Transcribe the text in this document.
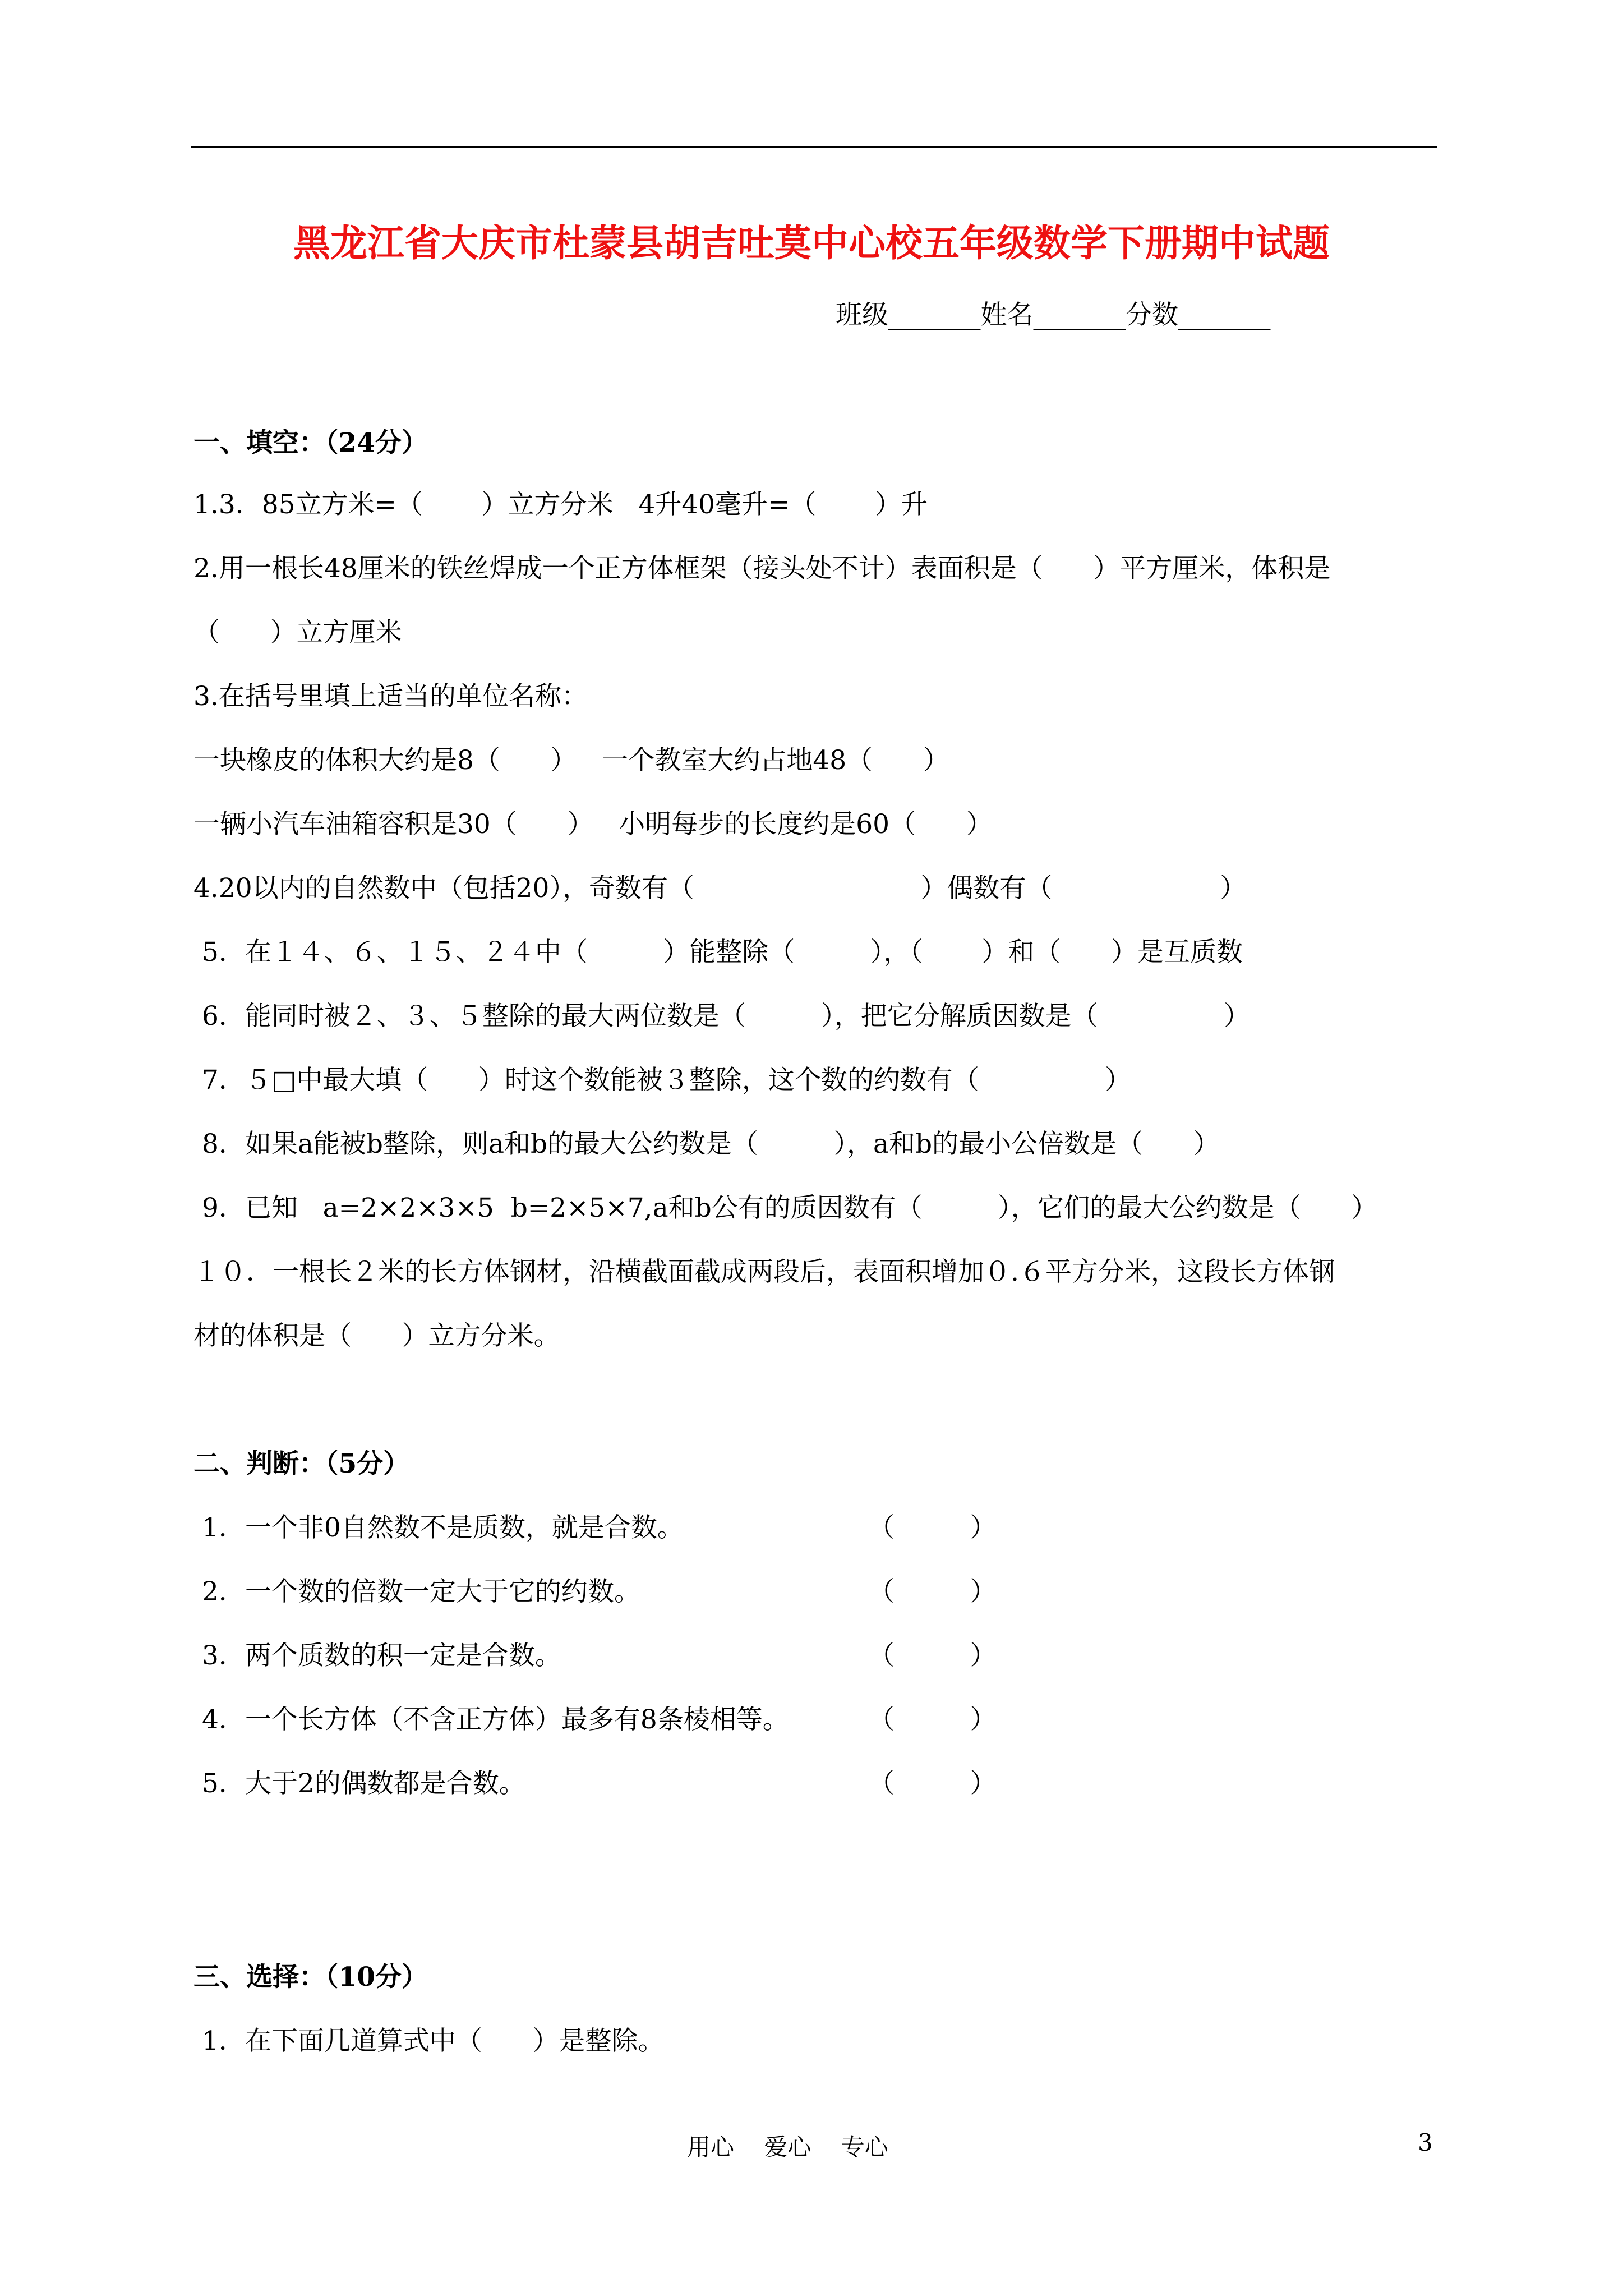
黑龙江省大庆市杜蒙县胡吉吐莫中心校五年级数学下册期中试题
班级_______姓名_______分数_______
一、填空：（24分）
1.3．85立方米=（       ）立方分米   4升40毫升=（       ）升
2.用一根长48厘米的铁丝焊成一个正方体框架（接头处不计）表面积是（      ）平方厘米，体积是
（      ）立方厘米
3.在括号里填上适当的单位名称：
一块橡皮的体积大约是8（      ）   一个教室大约占地48（      ）
一辆小汽车油箱容积是30（      ）   小明每步的长度约是60（      ）
4.20以内的自然数中（包括20），奇数有（                           ）偶数有（                    ）
5．在１４、６、１５、２４中（         ）能整除（         ），（       ）和（      ）是互质数
6．能同时被２、３、５整除的最大两位数是（         ），把它分解质因数是（               ）
7．５□中最大填（      ）时这个数能被３整除，这个数的约数有（               ）
8．如果a能被b整除，则a和b的最大公约数是（         ），a和b的最小公倍数是（      ）
9．已知   a=2×2×3×5  b=2×5×7,a和b公有的质因数有（         ），它们的最大公约数是（      ）
１０．一根长２米的长方体钢材，沿横截面截成两段后，表面积增加０.６平方分米，这段长方体钢
材的体积是（      ）立方分米。
二、判断：（5分）
1．一个非0自然数不是质数，就是合数。	（         ）
2．一个数的倍数一定大于它的约数。	（         ）
3．两个质数的积一定是合数。	（         ）
4．一个长方体（不含正方体）最多有8条棱相等。	（         ）
5．大于2的偶数都是合数。	（         ）
三、选择：（10分）
1．在下面几道算式中（      ）是整除。
用心    爱心    专心	3
